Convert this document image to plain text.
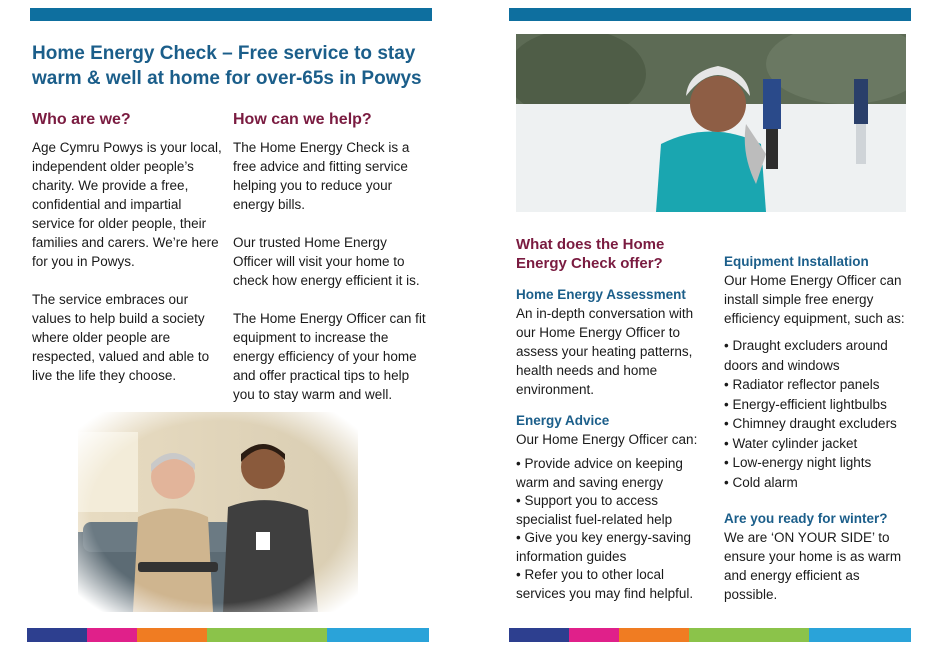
Home Energy Check – Free service to stay warm & well at home for over-65s in Powys
Who are we?

Age Cymru Powys is your local, independent older people’s charity. We provide a free, confidential and impartial service for older people, their families and carers. We’re here for you in Powys.

The service embraces our values to help build a society where older people are respected, valued and able to live the life they choose.

How can we help?

The Home Energy Check is a free advice and fitting service helping you to reduce your energy bills.

Our trusted Home Energy Officer will visit your home to check how energy efficient it is.

The Home Energy Officer can fit equipment to increase the energy efficiency of your home and offer practical tips to help you to stay warm and well.

What does the Home Energy Check offer?
Home Energy Assessment
An in-depth conversation with our Home Energy Officer to assess your heating patterns, health needs and home environment.
Energy Advice
Our Home Energy Officer can:
• Provide advice on keeping warm and saving energy
• Support you to access specialist fuel-related help
• Give you key energy-saving information guides
• Refer you to other local services you may find helpful.
Equipment Installation
Our Home Energy Officer can install simple free energy efficiency equipment, such as:
• Draught excluders around doors and windows
• Radiator reflector panels
• Energy-efficient lightbulbs
• Chimney draught excluders
• Water cylinder jacket
• Low-energy night lights
• Cold alarm
Are you ready for winter?
We are ‘ON YOUR SIDE’ to ensure your home is as warm and energy efficient as possible.
